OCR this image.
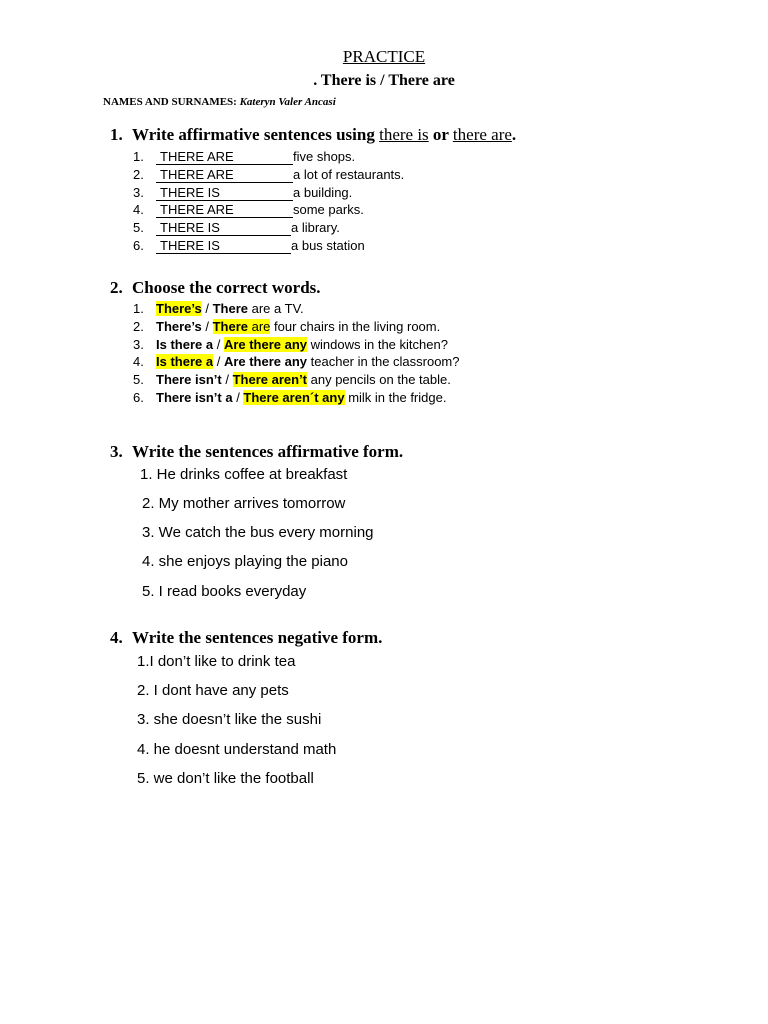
PRACTICE
. There is / There are
NAMES AND SURNAMES: Kateryn Valer Ancasi
1. Write affirmative sentences using there is or there are.
1. THERE ARE	five shops.
2. THERE ARE	a lot of restaurants.
3. THERE IS	a building.
4. THERE ARE	some parks.
5. THERE IS	a library.
6. THERE IS	a bus station
2. Choose the correct words.
1. There’s / There are a TV.
2. There’s / There are four chairs in the living room.
3. Is there a / Are there any windows in the kitchen?
4. Is there a / Are there any teacher in the classroom?
5. There isn’t / There aren’t any pencils on the table.
6. There isn’t a / There aren´t any milk in the fridge.
3. Write the sentences affirmative form.
1. He drinks coffee at breakfast
2. My mother arrives tomorrow
3. We catch the bus every morning
4. she enjoys playing the piano
5. I read books everyday
4. Write the sentences negative form.
1.I don’t like to drink tea
2. I dont have any pets
3. she doesn’t like the sushi
4. he doesnt understand math
5. we don’t like the football
